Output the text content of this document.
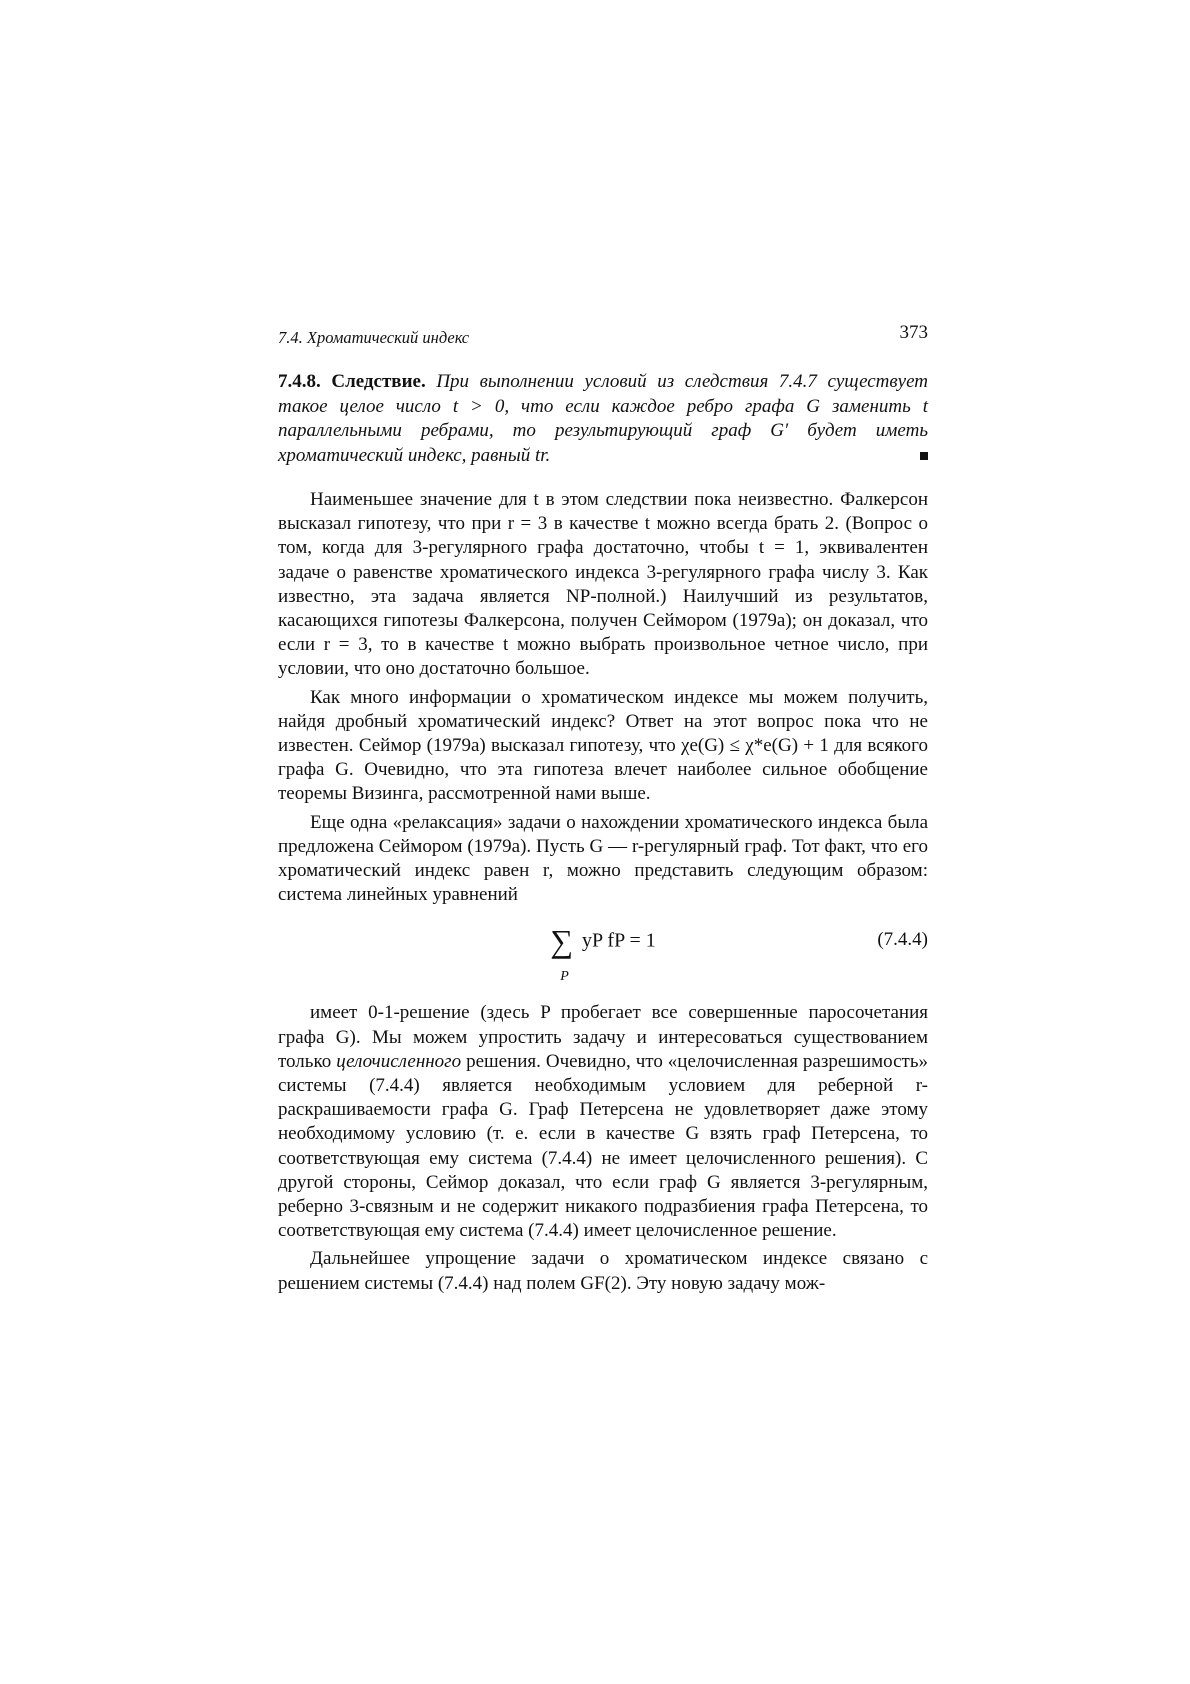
7.4. Хроматический индекс	373
7.4.8. Следствие. При выполнении условий из следствия 7.4.7 существует такое целое число t > 0, что если каждое ребро графа G заменить t параллельными ребрами, то результирующий граф G′ будет иметь хроматический индекс, равный tr.

Наименьшее значение для t в этом следствии пока неизвестно. Фалкерсон высказал гипотезу, что при r = 3 в качестве t можно всегда брать 2. (Вопрос о том, когда для 3-регулярного графа достаточно, чтобы t = 1, эквивалентен задаче о равенстве хроматического индекса 3-регулярного графа числу 3. Как известно, эта задача является NP-полной.) Наилучший из результатов, касающихся гипотезы Фалкерсона, получен Сеймором (1979a); он доказал, что если r = 3, то в качестве t можно выбрать произвольное четное число, при условии, что оно достаточно большое.

Как много информации о хроматическом индексе мы можем получить, найдя дробный хроматический индекс? Ответ на этот вопрос пока что не известен. Сеймор (1979a) высказал гипотезу, что χe(G) ≤ χ*e(G) + 1 для всякого графа G. Очевидно, что эта гипотеза влечет наиболее сильное обобщение теоремы Визинга, рассмотренной нами выше.

Еще одна «релаксация» задачи о нахождении хроматического индекса была предложена Сеймором (1979a). Пусть G — r-регулярный граф. Тот факт, что его хроматический индекс равен r, можно представить следующим образом: система линейных уравнений

∑
P
yP fP = 1	(7.4.4)

имеет 0-1-решение (здесь P пробегает все совершенные паросочетания графа G). Мы можем упростить задачу и интересоваться существованием только целочисленного решения. Очевидно, что «целочисленная разрешимость» системы (7.4.4) является необходимым условием для реберной r-раскрашиваемости графа G. Граф Петерсена не удовлетворяет даже этому необходимому условию (т. е. если в качестве G взять граф Петерсена, то соответствующая ему система (7.4.4) не имеет целочисленного решения). С другой стороны, Сеймор доказал, что если граф G является 3-регулярным, реберно 3-связным и не содержит никакого подразбиения графа Петерсена, то соответствующая ему система (7.4.4) имеет целочисленное решение.

Дальнейшее упрощение задачи о хроматическом индексе связано с решением системы (7.4.4) над полем GF(2). Эту новую задачу мож-
